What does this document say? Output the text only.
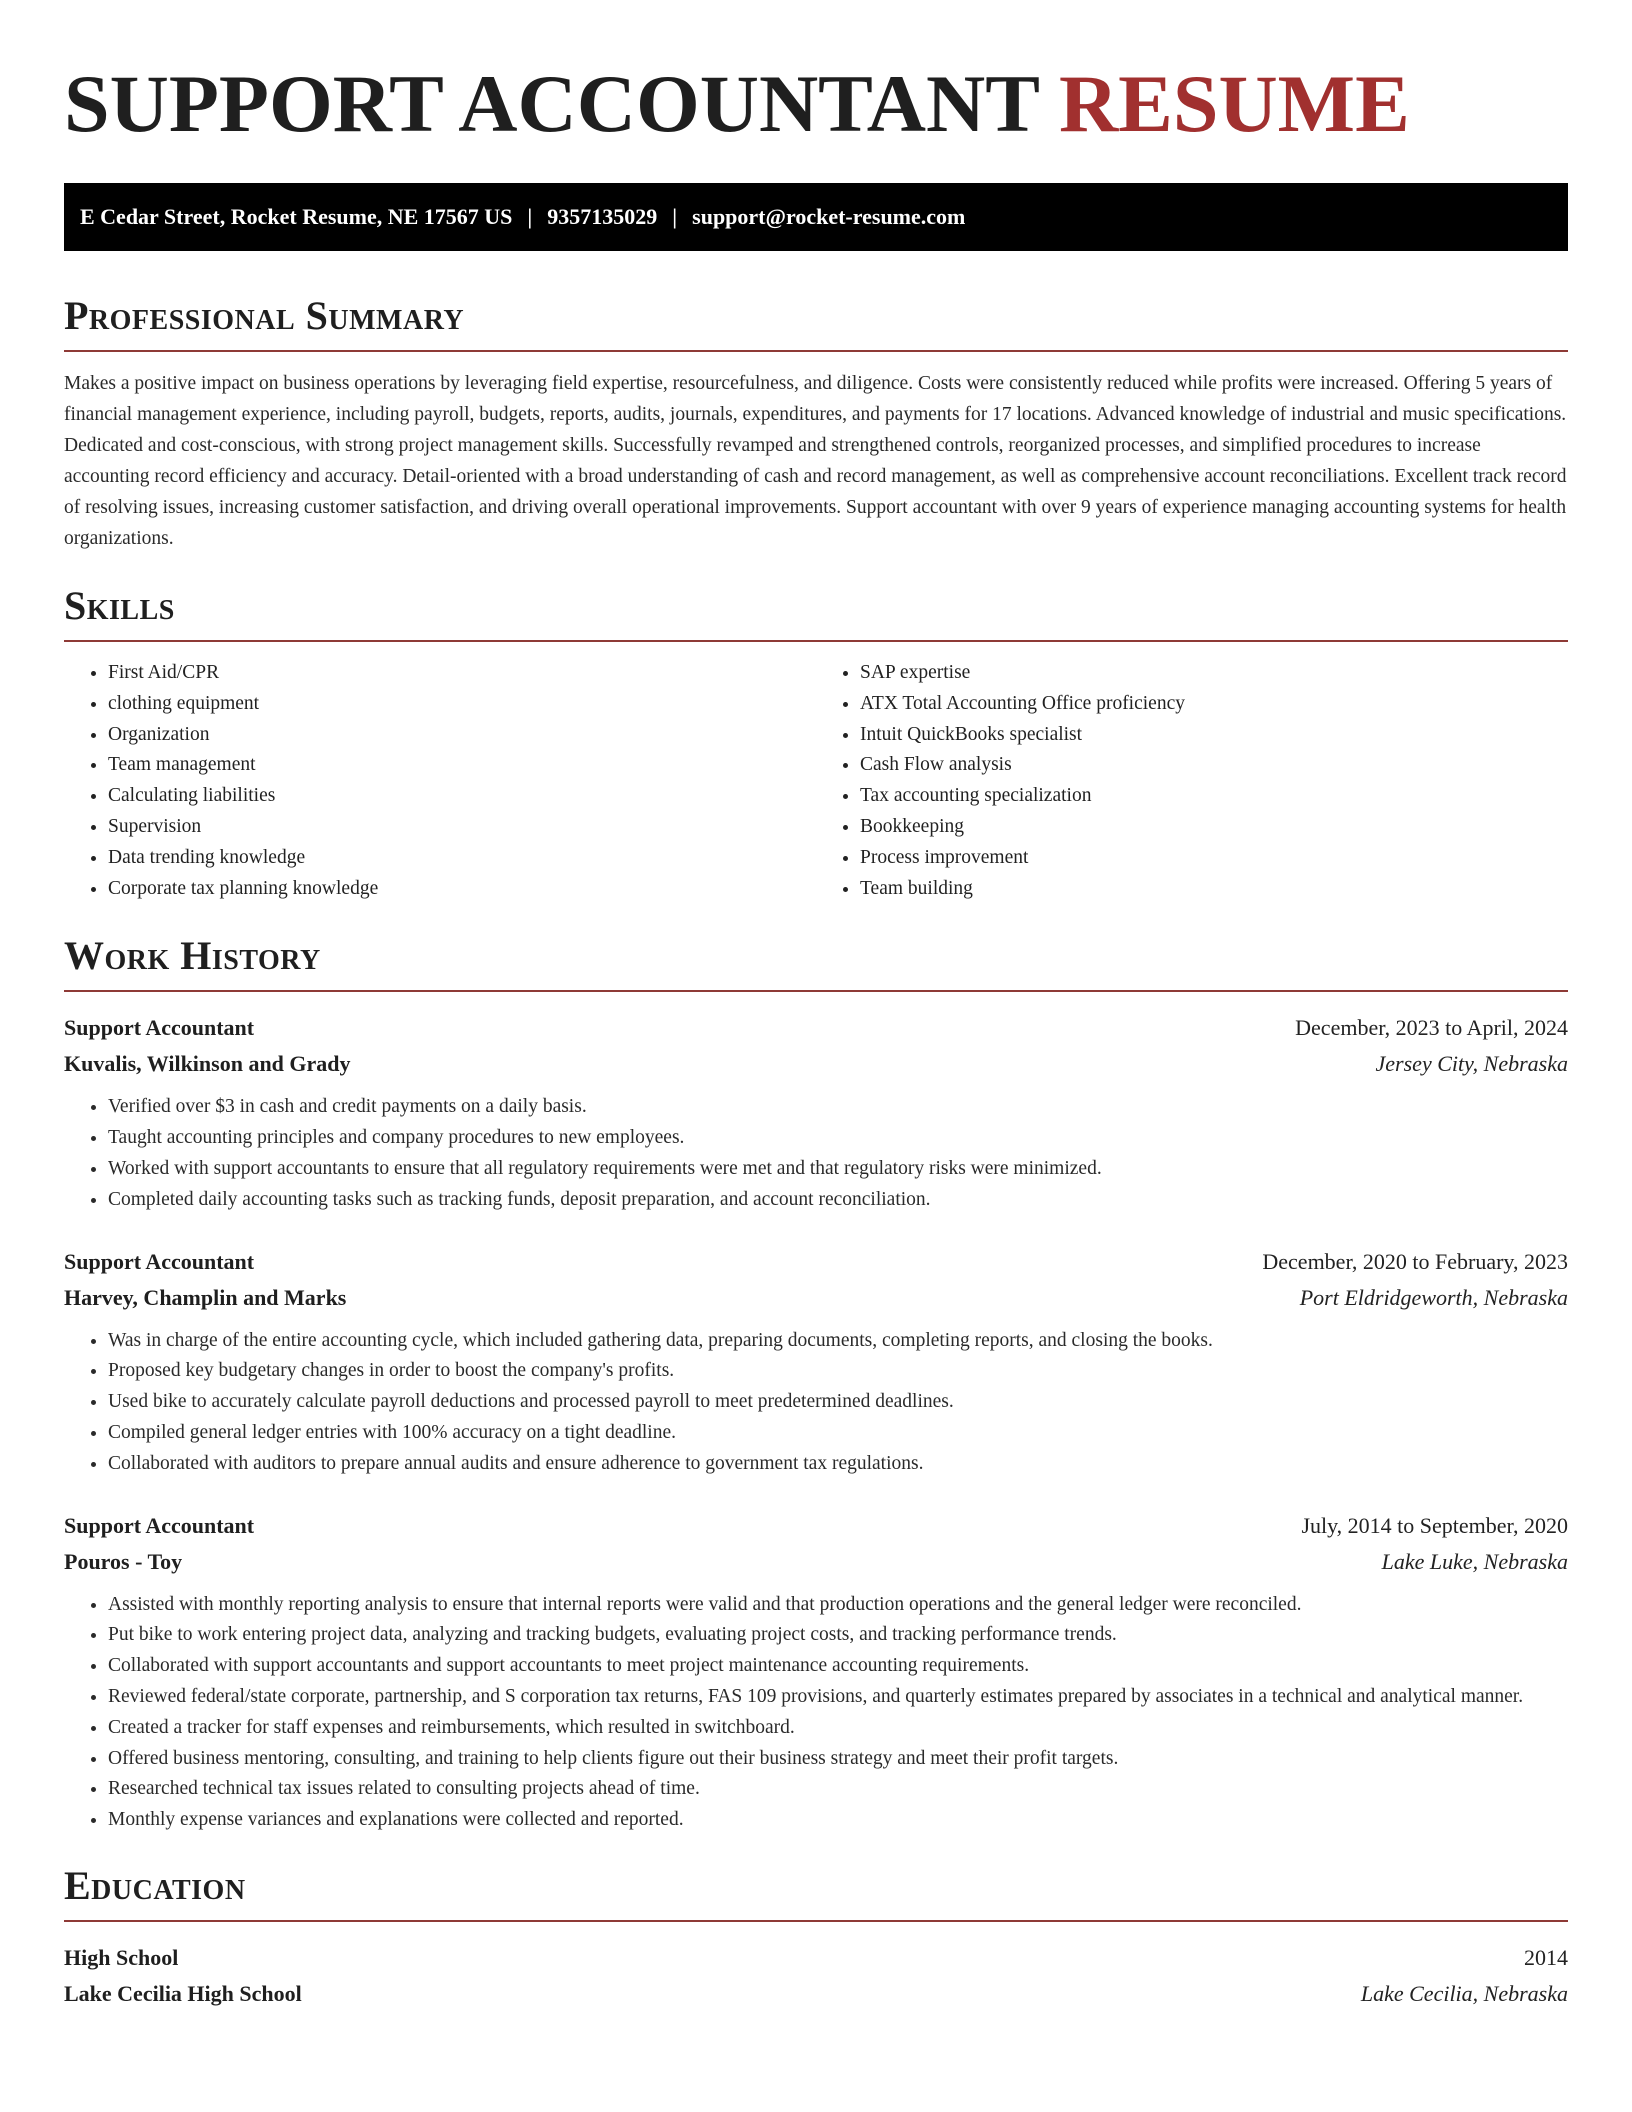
SUPPORT ACCOUNTANT RESUME
E Cedar Street, Rocket Resume, NE 17567 US | 9357135029 | support@rocket-resume.com
Professional Summary

Makes a positive impact on business operations by leveraging field expertise, resourcefulness, and diligence. Costs were consistently reduced while profits were increased. Offering 5 years of financial management experience, including payroll, budgets, reports, audits, journals, expenditures, and payments for 17 locations. Advanced knowledge of industrial and music specifications. Dedicated and cost-conscious, with strong project management skills. Successfully revamped and strengthened controls, reorganized processes, and simplified procedures to increase accounting record efficiency and accuracy. Detail-oriented with a broad understanding of cash and record management, as well as comprehensive account reconciliations. Excellent track record of resolving issues, increasing customer satisfaction, and driving overall operational improvements. Support accountant with over 9 years of experience managing accounting systems for health organizations.

Skills
• First Aid/CPR
• clothing equipment
• Organization
• Team management
• Calculating liabilities
• Supervision
• Data trending knowledge
• Corporate tax planning knowledge
• SAP expertise
• ATX Total Accounting Office proficiency
• Intuit QuickBooks specialist
• Cash Flow analysis
• Tax accounting specialization
• Bookkeeping
• Process improvement
• Team building
Work History
Support Accountant	December, 2023 to April, 2024
Kuvalis, Wilkinson and Grady	Jersey City, Nebraska
• Verified over $3 in cash and credit payments on a daily basis.
• Taught accounting principles and company procedures to new employees.
• Worked with support accountants to ensure that all regulatory requirements were met and that regulatory risks were minimized.
• Completed daily accounting tasks such as tracking funds, deposit preparation, and account reconciliation.
Support Accountant	December, 2020 to February, 2023
Harvey, Champlin and Marks	Port Eldridgeworth, Nebraska
• Was in charge of the entire accounting cycle, which included gathering data, preparing documents, completing reports, and closing the books.
• Proposed key budgetary changes in order to boost the company's profits.
• Used bike to accurately calculate payroll deductions and processed payroll to meet predetermined deadlines.
• Compiled general ledger entries with 100% accuracy on a tight deadline.
• Collaborated with auditors to prepare annual audits and ensure adherence to government tax regulations.
Support Accountant	July, 2014 to September, 2020
Pouros - Toy	Lake Luke, Nebraska
• Assisted with monthly reporting analysis to ensure that internal reports were valid and that production operations and the general ledger were reconciled.
• Put bike to work entering project data, analyzing and tracking budgets, evaluating project costs, and tracking performance trends.
• Collaborated with support accountants and support accountants to meet project maintenance accounting requirements.
• Reviewed federal/state corporate, partnership, and S corporation tax returns, FAS 109 provisions, and quarterly estimates prepared by associates in a technical and analytical manner.
• Created a tracker for staff expenses and reimbursements, which resulted in switchboard.
• Offered business mentoring, consulting, and training to help clients figure out their business strategy and meet their profit targets.
• Researched technical tax issues related to consulting projects ahead of time.
• Monthly expense variances and explanations were collected and reported.
Education
High School	2014
Lake Cecilia High School	Lake Cecilia, Nebraska
